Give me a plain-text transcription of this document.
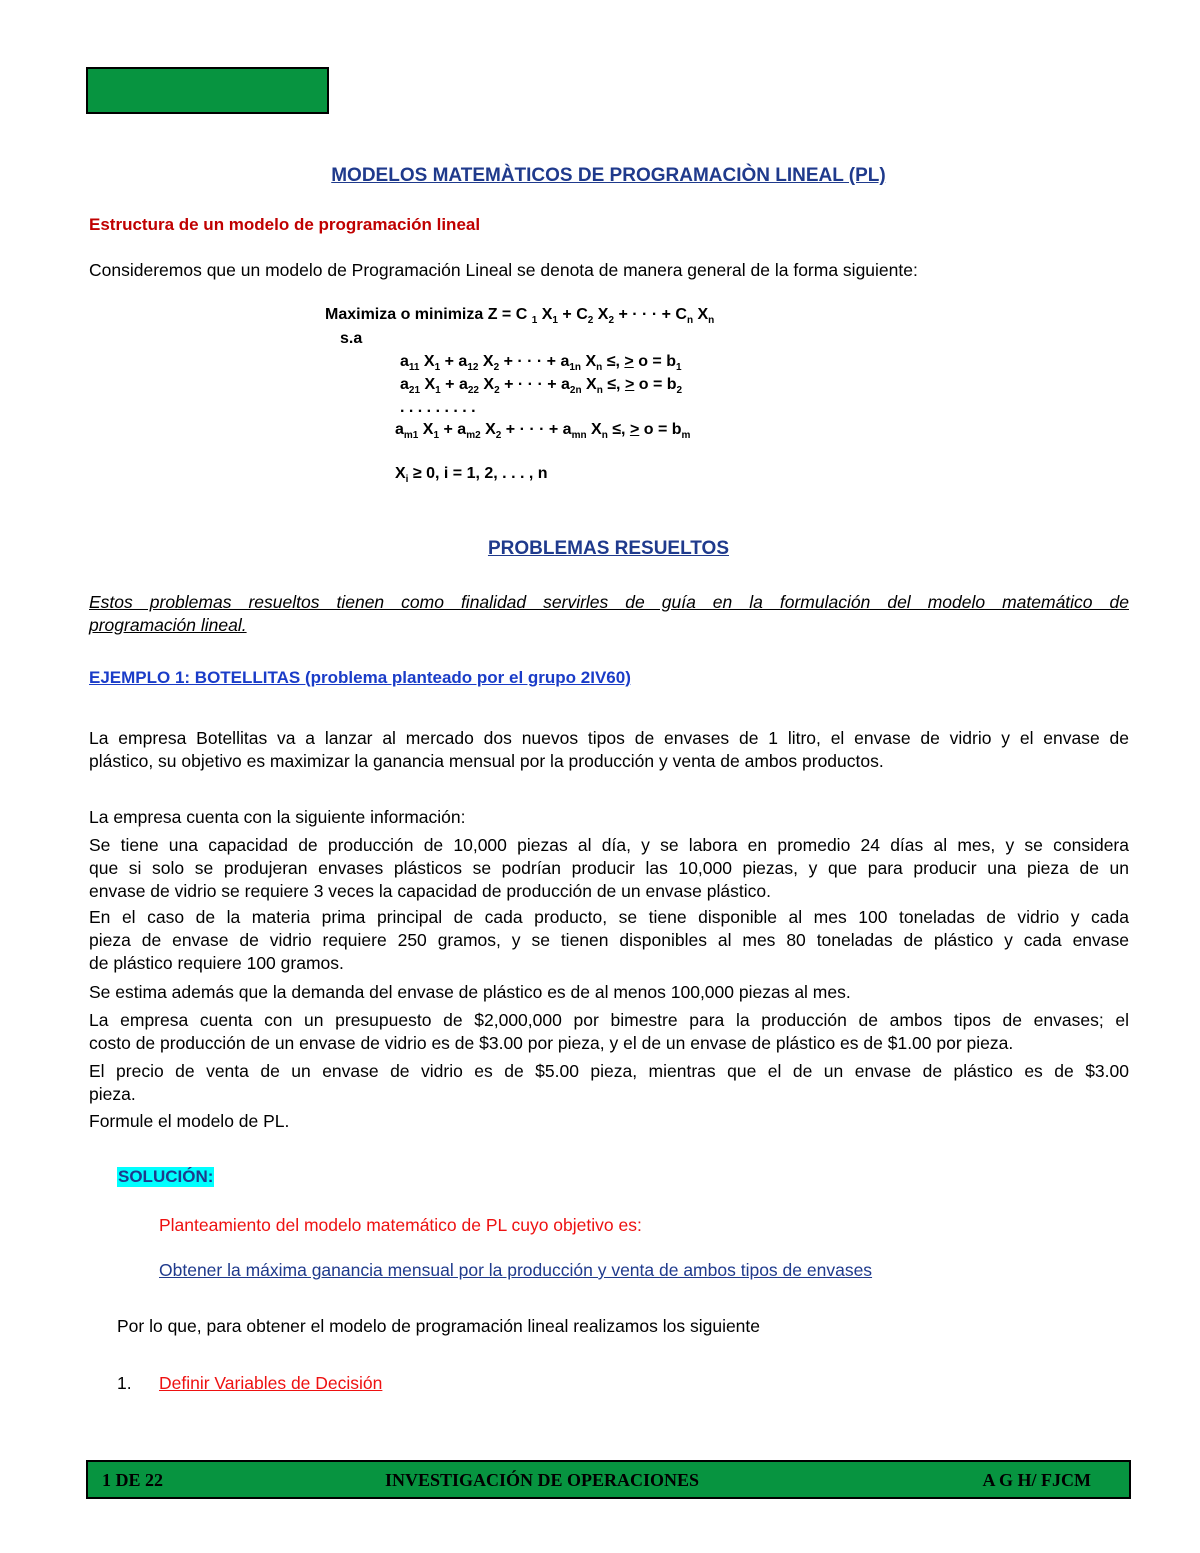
MODELOS MATEMÀTICOS DE PROGRAMACIÒN LINEAL (PL)
Estructura de un modelo de programación lineal
Consideremos que un modelo de Programación Lineal se denota de manera general de la forma siguiente:
Maximiza o minimiza Z = C $_1$ $X_1 + C_2$ $X_2$ + · · · + $C_n$ $X_n$
s.a
$a_{11}$ $X_1 + a_{12}$ $X_2$ + · · · + $a_{1n}$ $X_n$ ≤, > $o = b_1$
$a_{21}$ $X_1 + a_{22}$ $X_2$ + · · · + $a_{2n}$ $X_n$ ≤, > $o = b_2$
. . . . . . . . .
$a_{m1}$ $X_1 + a_{m2}$ $X_2$ + · · · + $a_{mn}$ $X_n$ ≤, > $o = b_m$
$X_i \ge 0$, i = 1, 2, . . . , n
PROBLEMAS RESUELTOS
Estos problemas resueltos tienen como finalidad servirles de guía en la formulación del modelo matemático de
programación lineal.
EJEMPLO 1: BOTELLITAS (problema planteado por el grupo 2IV60)
La empresa Botellitas va a lanzar al mercado dos nuevos tipos de envases de 1 litro, el envase de vidrio y el envase de
plástico, su objetivo es maximizar la ganancia mensual por la producción y venta de ambos productos.
La empresa cuenta con la siguiente información:
Se tiene una capacidad de producción de 10,000 piezas al día, y se labora en promedio 24 días al mes, y se considera
que si solo se produjeran envases plásticos se podrían producir las 10,000 piezas, y que para producir una pieza de un
envase de vidrio se requiere 3 veces la capacidad de producción de un envase plástico.
En el caso de la materia prima principal de cada producto, se tiene disponible al mes 100 toneladas de vidrio y cada
pieza de envase de vidrio requiere 250 gramos, y se tienen disponibles al mes 80 toneladas de plástico y cada envase
de plástico requiere 100 gramos.
Se estima además que la demanda del envase de plástico es de al menos 100,000 piezas al mes.
La empresa cuenta con un presupuesto de $2,000,000 por bimestre para la producción de ambos tipos de envases; el
costo de producción de un envase de vidrio es de $3.00 por pieza, y el de un envase de plástico es de $1.00 por pieza.
El precio de venta de un envase de vidrio es de $5.00 pieza, mientras que el de un envase de plástico es de $3.00
pieza.
Formule el modelo de PL.
SOLUCIÓN:
Planteamiento del modelo matemático de PL cuyo objetivo es:
Obtener la máxima ganancia mensual por la producción y venta de ambos tipos de envases
Por lo que, para obtener el modelo de programación lineal realizamos los siguiente
1. Definir Variables de Decisión
1 DE 22	INVESTIGACIÓN DE OPERACIONES	A G H/ FJCM
